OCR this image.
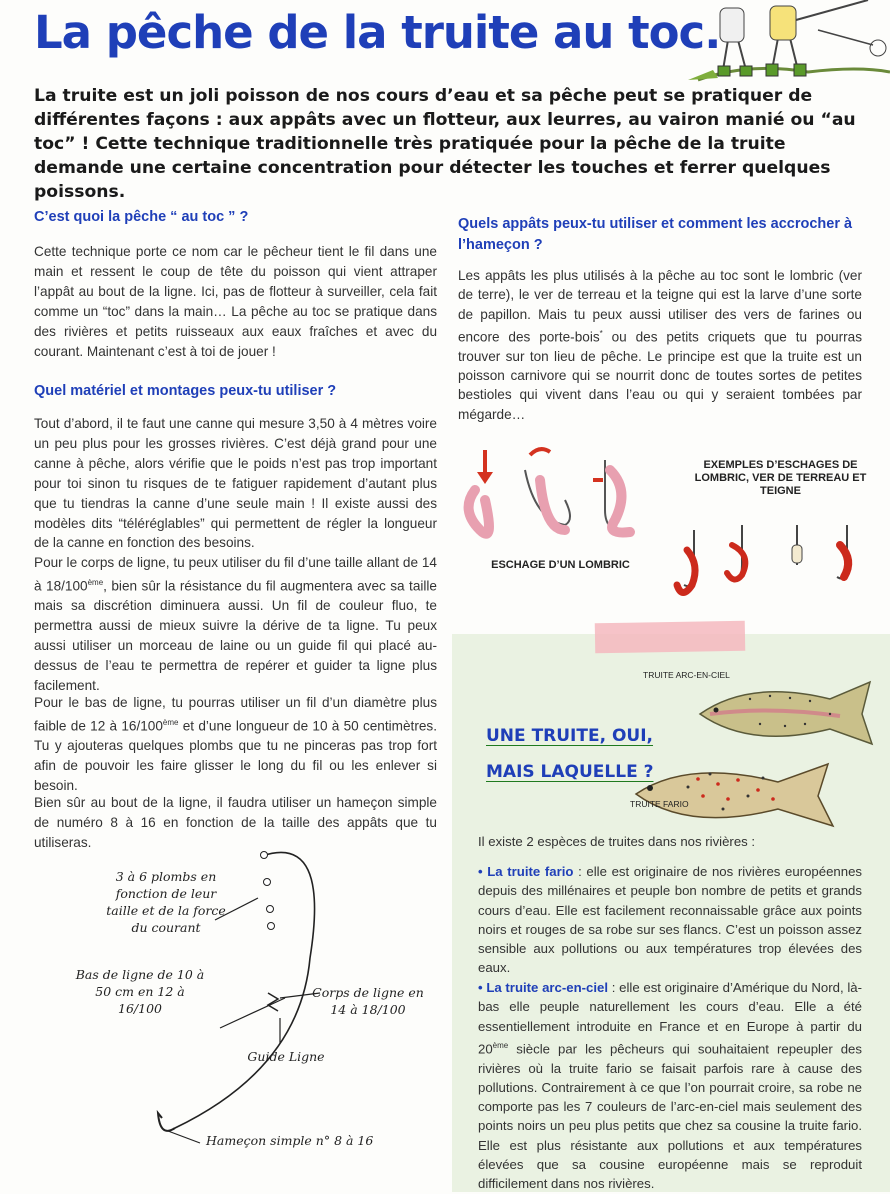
La pêche de la truite au toc.
La truite est un joli poisson de nos cours d’eau et sa pêche peut se pratiquer de différentes façons : aux appâts avec un flotteur, aux leurres, au vairon manié ou “au toc” ! Cette technique traditionnelle très pratiquée pour la pêche de la truite demande une certaine concentration pour détecter les touches et ferrer quelques poissons.
C’est quoi la pêche “ au toc ” ?
Cette technique porte ce nom car le pêcheur tient le fil dans une main et ressent le coup de tête du poisson qui vient attraper l’appât au bout de la ligne. Ici, pas de flotteur à surveiller, cela fait comme un “toc” dans la main… La pêche au toc se pratique dans des rivières et petits ruisseaux aux eaux fraîches et avec du courant. Maintenant c’est à toi de jouer !
Quel matériel et montages peux-tu utiliser ?
Tout d’abord, il te faut une canne qui mesure 3,50 à 4 mètres voire un peu plus pour les grosses rivières. C’est déjà grand pour une canne à pêche, alors vérifie que le poids n’est pas trop important pour toi sinon tu risques de te fatiguer rapidement d’autant plus que tu tiendras la canne d’une seule main ! Il existe aussi des modèles dits “téléréglables” qui permettent de régler la longueur de la canne en fonction des besoins.
Pour le corps de ligne, tu peux utiliser du fil d’une taille allant de 14 à 18/100ème, bien sûr la résistance du fil augmentera avec sa taille mais sa discrétion diminuera aussi. Un fil de couleur fluo, te permettra aussi de mieux suivre la dérive de ta ligne. Tu peux aussi utiliser un morceau de laine ou un guide fil qui placé au-dessus de l’eau te permettra de repérer et guider ta ligne plus facilement.
Pour le bas de ligne, tu pourras utiliser un fil d’un diamètre plus faible de 12 à 16/100ème et d’une longueur de 10 à 50 centimètres. Tu y ajouteras quelques plombs que tu ne pinceras pas trop fort afin de pouvoir les faire glisser le long du fil ou les enlever si besoin.
Bien sûr au bout de la ligne, il faudra utiliser un hameçon simple de numéro 8 à 16 en fonction de la taille des appâts que tu utiliseras.
3 à 6 plombs en fonction de leur taille et de la force du courant
Bas de ligne de 10 à 50 cm en 12 à 16/100
Corps de ligne en 14 à 18/100
Guide Ligne
Hameçon simple n° 8 à 16
Quels appâts peux-tu utiliser et comment les accrocher à l’hameçon ?
Les appâts les plus utilisés à la pêche au toc sont le lombric (ver de terre), le ver de terreau et la teigne qui est la larve d’une sorte de papillon. Mais tu peux aussi utiliser des vers de farines ou encore des porte-bois* ou des petits criquets que tu pourras trouver sur ton lieu de pêche. Le principe est que la truite est un poisson carnivore qui se nourrit donc de toutes sortes de petites bestioles qui vivent dans l’eau ou qui y seraient tombées par mégarde…
ESCHAGE D’UN LOMBRIC
EXEMPLES D’ESCHAGES DE LOMBRIC, VER DE TERREAU ET TEIGNE
TRUITE ARC-EN-CIEL
TRUITE FARIO
UNE TRUITE, OUI,
MAIS LAQUELLE ?
Il existe 2 espèces de truites dans nos rivières :
• La truite fario : elle est originaire de nos rivières européennes depuis des millénaires et peuple bon nombre de petits et grands cours d’eau. Elle est facilement reconnaissable grâce aux points noirs et rouges de sa robe sur ses flancs. C’est un poisson assez sensible aux pollutions ou aux températures trop élevées des eaux.
• La truite arc-en-ciel : elle est originaire d’Amérique du Nord, là-bas elle peuple naturellement les cours d’eau. Elle a été essentiellement introduite en France et en Europe à partir du 20ème siècle par les pêcheurs qui souhaitaient repeupler des rivières où la truite fario se faisait parfois rare à cause des pollutions. Contrairement à ce que l’on pourrait croire, sa robe ne comporte pas les 7 couleurs de l’arc-en-ciel mais seulement des points noirs un peu plus petits que chez sa cousine la truite fario. Elle est plus résistante aux pollutions et aux températures élevées que sa cousine européenne mais se reproduit difficilement dans nos rivières.
